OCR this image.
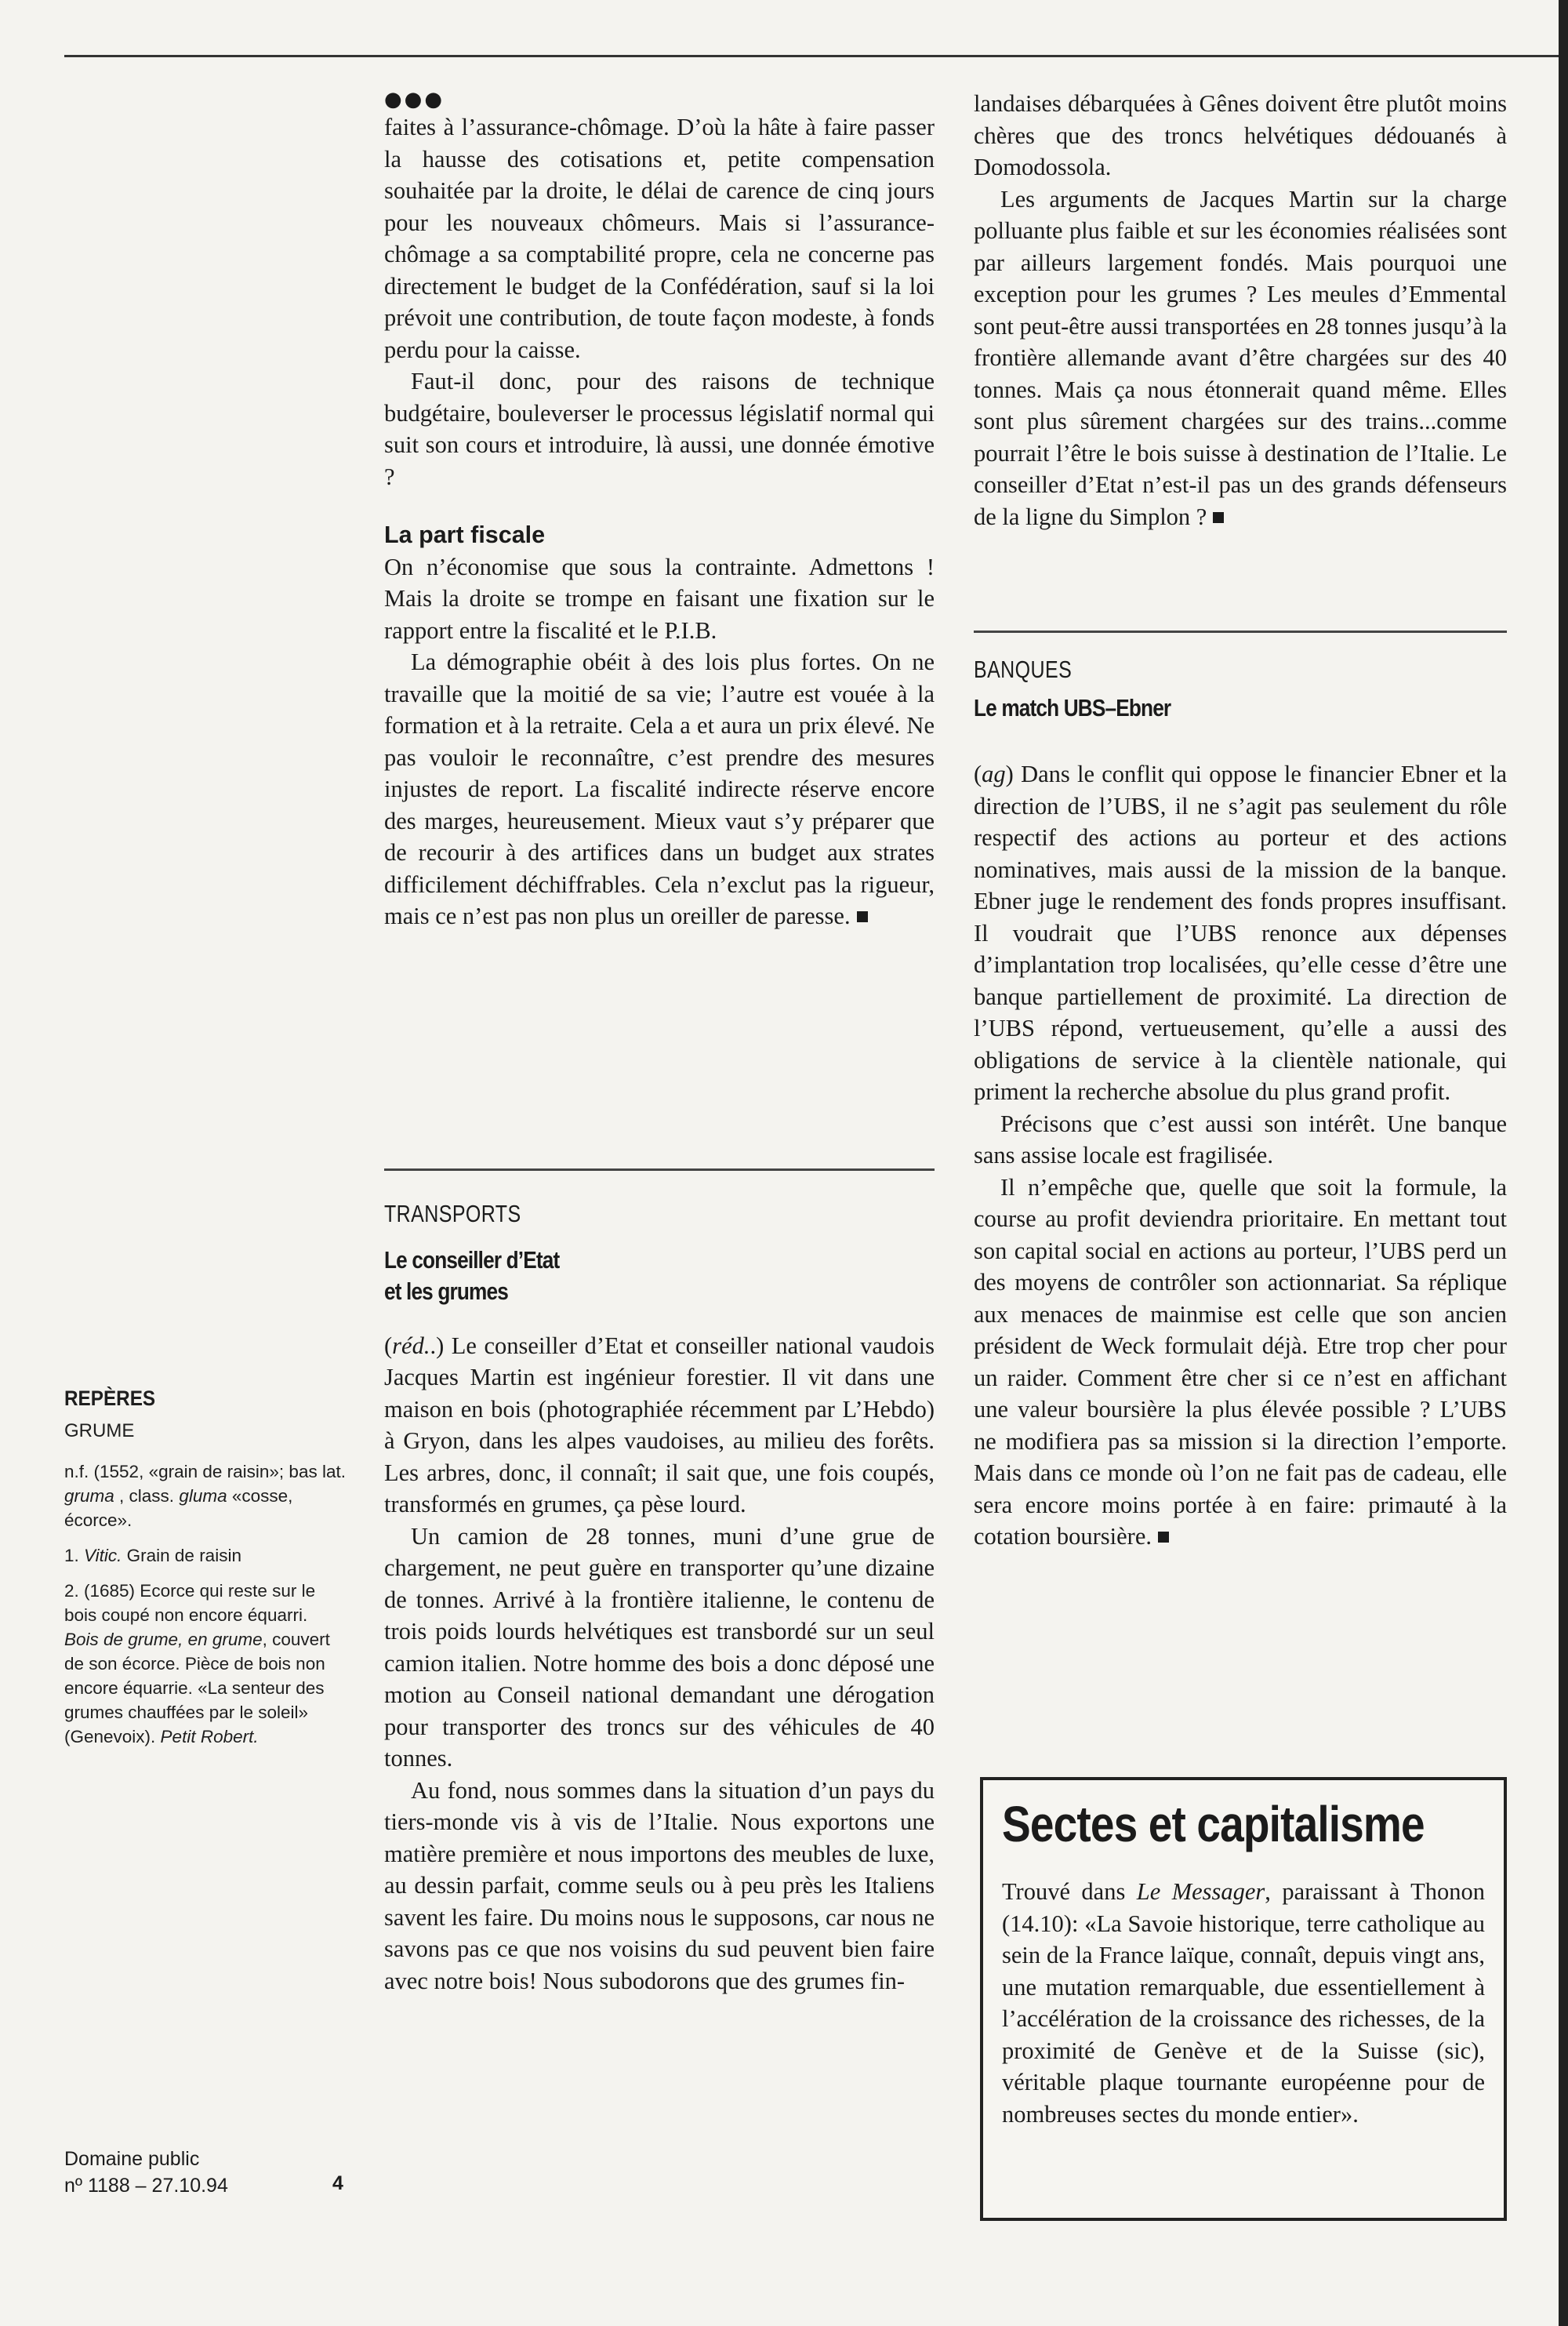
REPÈRES
GRUME

n.f. (1552, «grain de raisin»; bas lat. gruma , class. gluma «cosse, écorce».

1. Vitic. Grain de raisin

2. (1685) Ecorce qui reste sur le bois coupé non encore équarri. Bois de grume, en grume, couvert de son écorce. Pièce de bois non encore équarrie. «La senteur des grumes chauffées par le soleil» (Genevoix). Petit Robert.

Domaine public
nº 1188 – 27.10.94	4
●●●

faites à l’assurance-chômage. D’où la hâte à faire passer la hausse des cotisations et, petite compensation souhaitée par la droite, le délai de carence de cinq jours pour les nouveaux chômeurs. Mais si l’assurance-chômage a sa comptabilité propre, cela ne concerne pas directement le budget de la Confédération, sauf si la loi prévoit une contribution, de toute façon modeste, à fonds perdu pour la caisse.

Faut-il donc, pour des raisons de technique budgétaire, bouleverser le processus législatif normal qui suit son cours et introduire, là aussi, une donnée émotive ?

La part fiscale

On n’économise que sous la contrainte. Admettons ! Mais la droite se trompe en faisant une fixation sur le rapport entre la fiscalité et le P.I.B.

La démographie obéit à des lois plus fortes. On ne travaille que la moitié de sa vie; l’autre est vouée à la formation et à la retraite. Cela a et aura un prix élevé. Ne pas vouloir le reconnaître, c’est prendre des mesures injustes de report. La fiscalité indirecte réserve encore des marges, heureusement. Mieux vaut s’y préparer que de recourir à des artifices dans un budget aux strates difficilement déchiffrables. Cela n’exclut pas la rigueur, mais ce n’est pas non plus un oreiller de paresse.

TRANSPORTS

Le conseiller d’Etat

et les grumes

(réd..) Le conseiller d’Etat et conseiller national vaudois Jacques Martin est ingénieur forestier. Il vit dans une maison en bois (photographiée récemment par L’Hebdo) à Gryon, dans les alpes vaudoises, au milieu des forêts. Les arbres, donc, il connaît; il sait que, une fois coupés, transformés en grumes, ça pèse lourd.

Un camion de 28 tonnes, muni d’une grue de chargement, ne peut guère en transporter qu’une dizaine de tonnes. Arrivé à la frontière italienne, le contenu de trois poids lourds helvétiques est transbordé sur un seul camion italien. Notre homme des bois a donc déposé une motion au Conseil national demandant une dérogation pour transporter des troncs sur des véhicules de 40 tonnes.

Au fond, nous sommes dans la situation d’un pays du tiers-monde vis à vis de l’Italie. Nous exportons une matière première et nous importons des meubles de luxe, au dessin parfait, comme seuls ou à peu près les Italiens savent les faire. Du moins nous le supposons, car nous ne savons pas ce que nos voisins du sud peuvent bien faire avec notre bois! Nous subodorons que des grumes fin-

landaises débarquées à Gênes doivent être plutôt moins chères que des troncs helvétiques dédouanés à Domodossola.

Les arguments de Jacques Martin sur la charge polluante plus faible et sur les économies réalisées sont par ailleurs largement fondés. Mais pourquoi une exception pour les grumes ? Les meules d’Emmental sont peut-être aussi transportées en 28 tonnes jusqu’à la frontière allemande avant d’être chargées sur des 40 tonnes. Mais ça nous étonnerait quand même. Elles sont plus sûrement chargées sur des trains...comme pourrait l’être le bois suisse à destination de l’Italie. Le conseiller d’Etat n’est-il pas un des grands défenseurs de la ligne du Simplon ?

BANQUES

Le match UBS–Ebner

(ag) Dans le conflit qui oppose le financier Ebner et la direction de l’UBS, il ne s’agit pas seulement du rôle respectif des actions au porteur et des actions nominatives, mais aussi de la mission de la banque. Ebner juge le rendement des fonds propres insuffisant. Il voudrait que l’UBS renonce aux dépenses d’implantation trop localisées, qu’elle cesse d’être une banque partiellement de proximité. La direction de l’UBS répond, vertueusement, qu’elle a aussi des obligations de service à la clientèle nationale, qui priment la recherche absolue du plus grand profit.

Précisons que c’est aussi son intérêt. Une banque sans assise locale est fragilisée.

Il n’empêche que, quelle que soit la formule, la course au profit deviendra prioritaire. En mettant tout son capital social en actions au porteur, l’UBS perd un des moyens de contrôler son actionnariat. Sa réplique aux menaces de mainmise est celle que son ancien président de Weck formulait déjà. Etre trop cher pour un raider. Comment être cher si ce n’est en affichant une valeur boursière la plus élevée possible ? L’UBS ne modifiera pas sa mission si la direction l’emporte. Mais dans ce monde où l’on ne fait pas de cadeau, elle sera encore moins portée à en faire: primauté à la cotation boursière.

Sectes et capitalisme

Trouvé dans Le Messager, paraissant à Thonon (14.10): «La Savoie historique, terre catholique au sein de la France laïque, connaît, depuis vingt ans, une mutation remarquable, due essentiellement à l’accélération de la croissance des richesses, de la proximité de Genève et de la Suisse (sic), véritable plaque tournante européenne pour de nombreuses sectes du monde entier».
